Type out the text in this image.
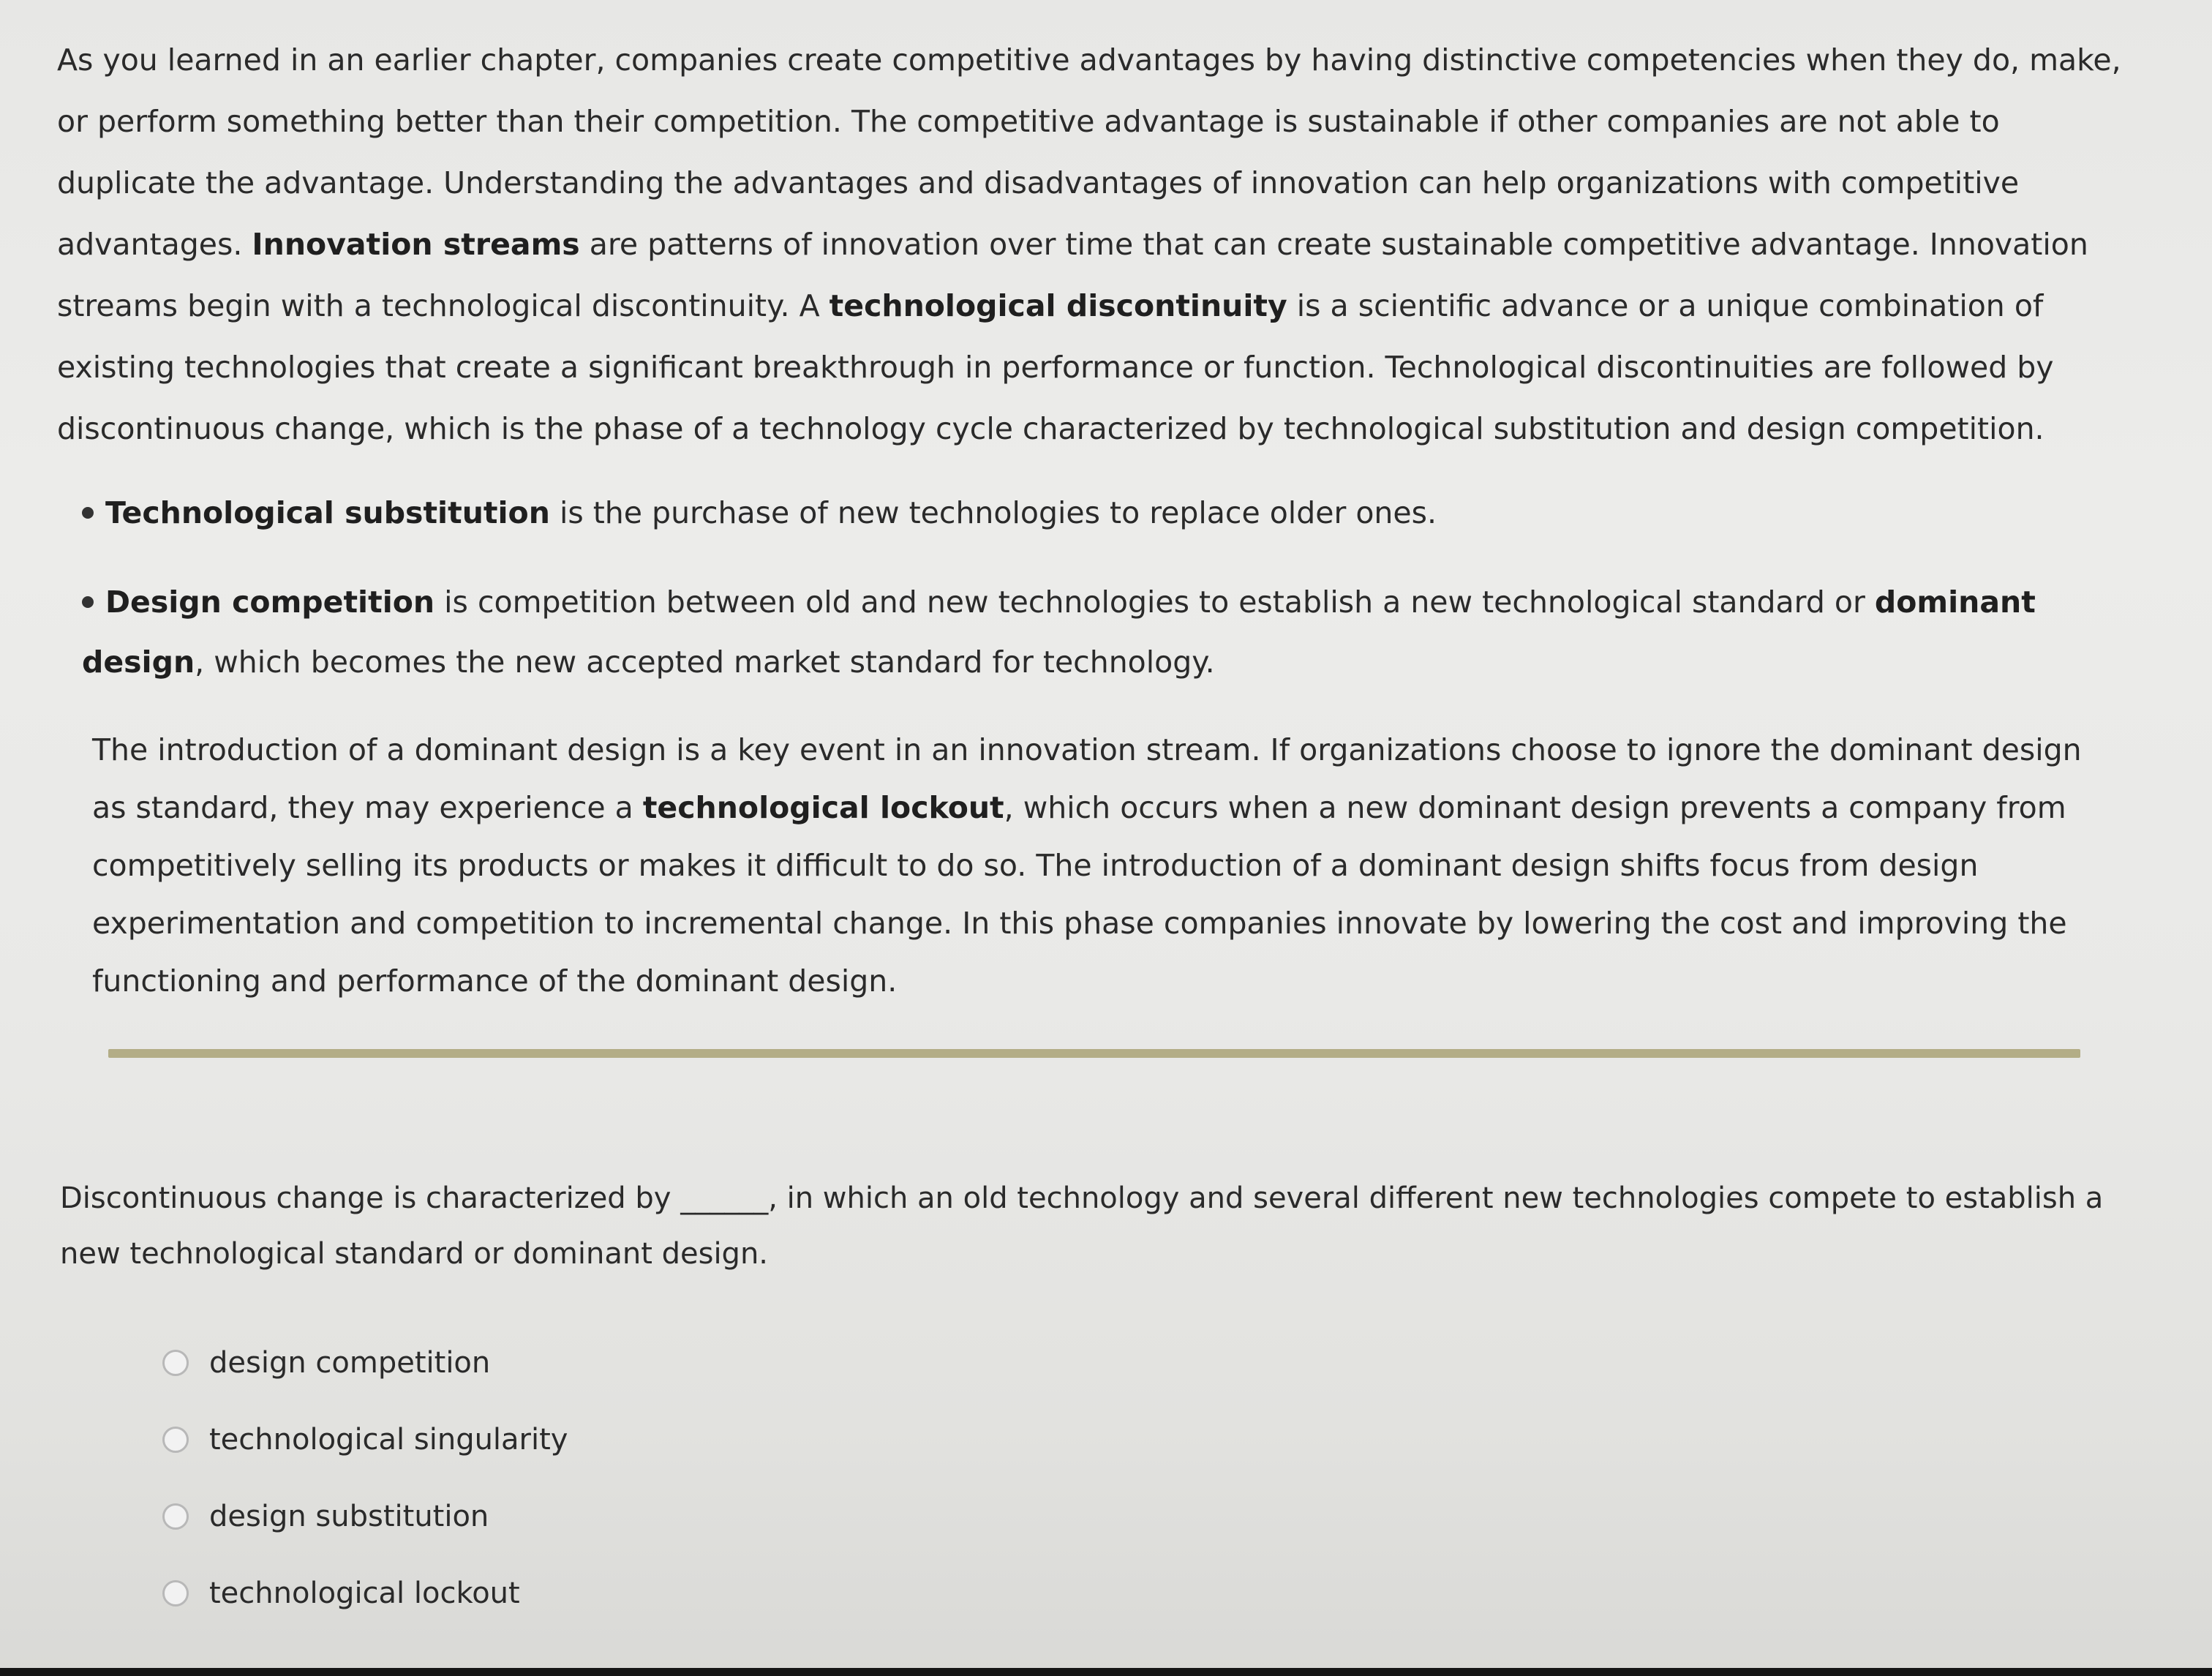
As you learned in an earlier chapter, companies create competitive advantages by having distinctive competencies when they do, make, or perform something better than their competition. The competitive advantage is sustainable if other companies are not able to duplicate the advantage. Understanding the advantages and disadvantages of innovation can help organizations with competitive advantages. Innovation streams are patterns of innovation over time that can create sustainable competitive advantage. Innovation streams begin with a technological discontinuity. A technological discontinuity is a scientific advance or a unique combination of existing technologies that create a significant breakthrough in performance or function. Technological discontinuities are followed by discontinuous change, which is the phase of a technology cycle characterized by technological substitution and design competition.

Technological substitution is the purchase of new technologies to replace older ones.
Design competition is competition between old and new technologies to establish a new technological standard or dominant design, which becomes the new accepted market standard for technology.

The introduction of a dominant design is a key event in an innovation stream. If organizations choose to ignore the dominant design as standard, they may experience a technological lockout, which occurs when a new dominant design prevents a company from competitively selling its products or makes it difficult to do so. The introduction of a dominant design shifts focus from design experimentation and competition to incremental change. In this phase companies innovate by lowering the cost and improving the functioning and performance of the dominant design.

Discontinuous change is characterized by ______, in which an old technology and several different new technologies compete to establish a new technological standard or dominant design.

design competition
technological singularity
design substitution
technological lockout
